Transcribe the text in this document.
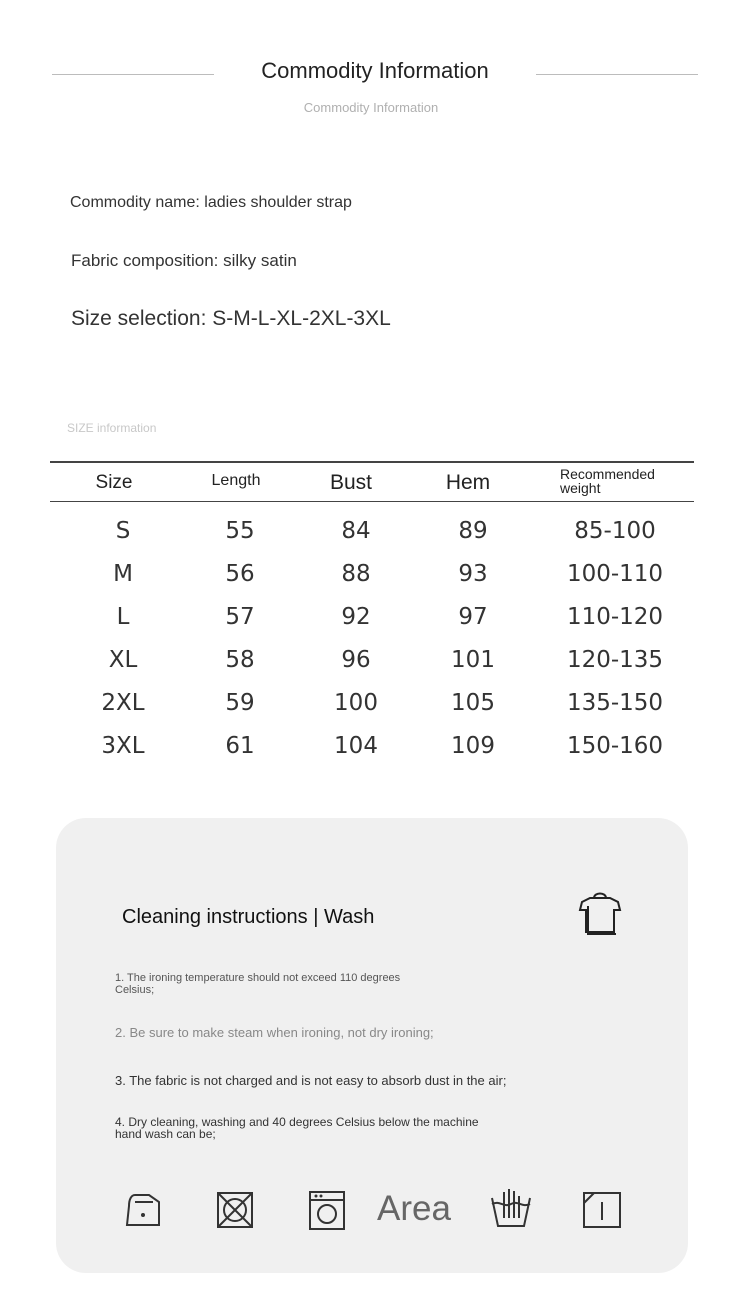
Commodity Information
Commodity Information
Commodity name: ladies shoulder strap
Fabric composition: silky satin
Size selection: S-M-L-XL-2XL-3XL
SIZE information
Size	Length	Bust	Hem	Recommended weight
S	55	84	89	85-100
M	56	88	93	100-110
L	57	92	97	110-120
XL	58	96	101	120-135
2XL	59	100	105	135-150
3XL	61	104	109	150-160
Cleaning instructions | Wash
1. The ironing temperature should not exceed 110 degrees Celsius;
2. Be sure to make steam when ironing, not dry ironing;
3. The fabric is not charged and is not easy to absorb dust in the air;
4. Dry cleaning, washing and 40 degrees Celsius below the machine hand wash can be;
Area
